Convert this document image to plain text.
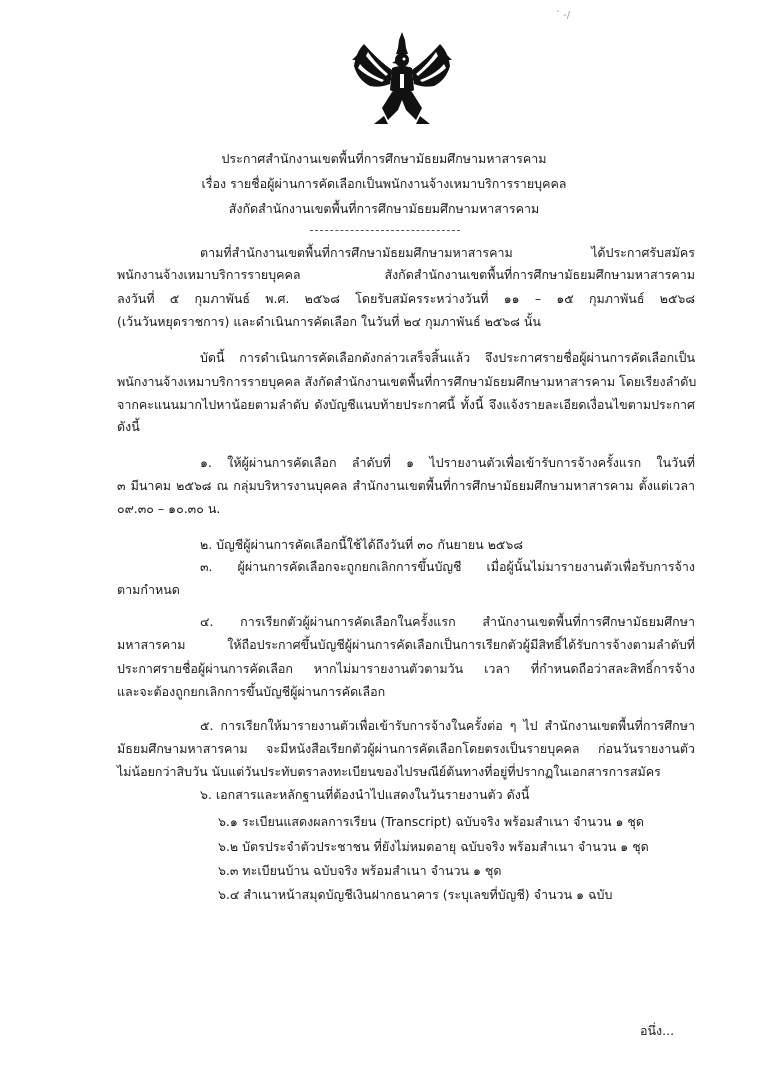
´ -/
ประกาศสำนักงานเขตพื้นที่การศึกษามัธยมศึกษามหาสารคาม
เรื่อง รายชื่อผู้ผ่านการคัดเลือกเป็นพนักงานจ้างเหมาบริการรายบุคคล
สังกัดสำนักงานเขตพื้นที่การศึกษามัธยมศึกษามหาสารคาม
ตามที่สำนักงานเขตพื้นที่การศึกษามัธยมศึกษามหาสารคาม ได้ประกาศรับสมัคร
พนักงานจ้างเหมาบริการรายบุคคล สังกัดสำนักงานเขตพื้นที่การศึกษามัธยมศึกษามหาสารคาม
ลงวันที่ ๕ กุมภาพันธ์ พ.ศ. ๒๕๖๘ โดยรับสมัครระหว่างวันที่ ๑๑ – ๑๕ กุมภาพันธ์ ๒๕๖๘
(เว้นวันหยุดราชการ) และดำเนินการคัดเลือก ในวันที่ ๒๔ กุมภาพันธ์ ๒๕๖๘ นั้น
บัดนี้ การดำเนินการคัดเลือกดังกล่าวเสร็จสิ้นแล้ว จึงประกาศรายชื่อผู้ผ่านการคัดเลือกเป็น
พนักงานจ้างเหมาบริการรายบุคคล สังกัดสำนักงานเขตพื้นที่การศึกษามัธยมศึกษามหาสารคาม โดยเรียงลำดับ
จากคะแนนมากไปหาน้อยตามลำดับ ดังบัญชีแนบท้ายประกาศนี้ ทั้งนี้ จึงแจ้งรายละเอียดเงื่อนไขตามประกาศ
ดังนี้
๑. ให้ผู้ผ่านการคัดเลือก ลำดับที่ ๑ ไปรายงานตัวเพื่อเข้ารับการจ้างครั้งแรก ในวันที่
๓ มีนาคม ๒๕๖๘ ณ กลุ่มบริหารงานบุคคล สำนักงานเขตพื้นที่การศึกษามัธยมศึกษามหาสารคาม ตั้งแต่เวลา
๐๙.๓๐ – ๑๐.๓๐ น.
๒. บัญชีผู้ผ่านการคัดเลือกนี้ใช้ได้ถึงวันที่ ๓๐ กันยายน ๒๕๖๘
๓. ผู้ผ่านการคัดเลือกจะถูกยกเลิกการขึ้นบัญชี เมื่อผู้นั้นไม่มารายงานตัวเพื่อรับการจ้าง
ตามกำหนด
๔. การเรียกตัวผู้ผ่านการคัดเลือกในครั้งแรก สำนักงานเขตพื้นที่การศึกษามัธยมศึกษา
มหาสารคาม ให้ถือประกาศขึ้นบัญชีผู้ผ่านการคัดเลือกเป็นการเรียกตัวผู้มีสิทธิ์ได้รับการจ้างตามลำดับที่
ประกาศรายชื่อผู้ผ่านการคัดเลือก หากไม่มารายงานตัวตามวัน เวลา ที่กำหนดถือว่าสละสิทธิ์การจ้าง
และจะต้องถูกยกเลิกการขึ้นบัญชีผู้ผ่านการคัดเลือก
๕. การเรียกให้มารายงานตัวเพื่อเข้ารับการจ้างในครั้งต่อ ๆ ไป สำนักงานเขตพื้นที่การศึกษา
มัธยมศึกษามหาสารคาม จะมีหนังสือเรียกตัวผู้ผ่านการคัดเลือกโดยตรงเป็นรายบุคคล ก่อนวันรายงานตัว
ไม่น้อยกว่าสิบวัน นับแต่วันประทับตราลงทะเบียนของไปรษณีย์ต้นทางที่อยู่ที่ปรากฏในเอกสารการสมัคร
๖. เอกสารและหลักฐานที่ต้องนำไปแสดงในวันรายงานตัว ดังนี้
๖.๑ ระเบียนแสดงผลการเรียน (Transcript) ฉบับจริง พร้อมสำเนา จำนวน ๑ ชุด
๖.๒ บัตรประจำตัวประชาชน ที่ยังไม่หมดอายุ ฉบับจริง พร้อมสำเนา จำนวน ๑ ชุด
๖.๓ ทะเบียนบ้าน ฉบับจริง พร้อมสำเนา จำนวน ๑ ชุด
๖.๔ สำเนาหน้าสมุดบัญชีเงินฝากธนาคาร (ระบุเลขที่บัญชี) จำนวน ๑ ฉบับ
อนึ่ง...
